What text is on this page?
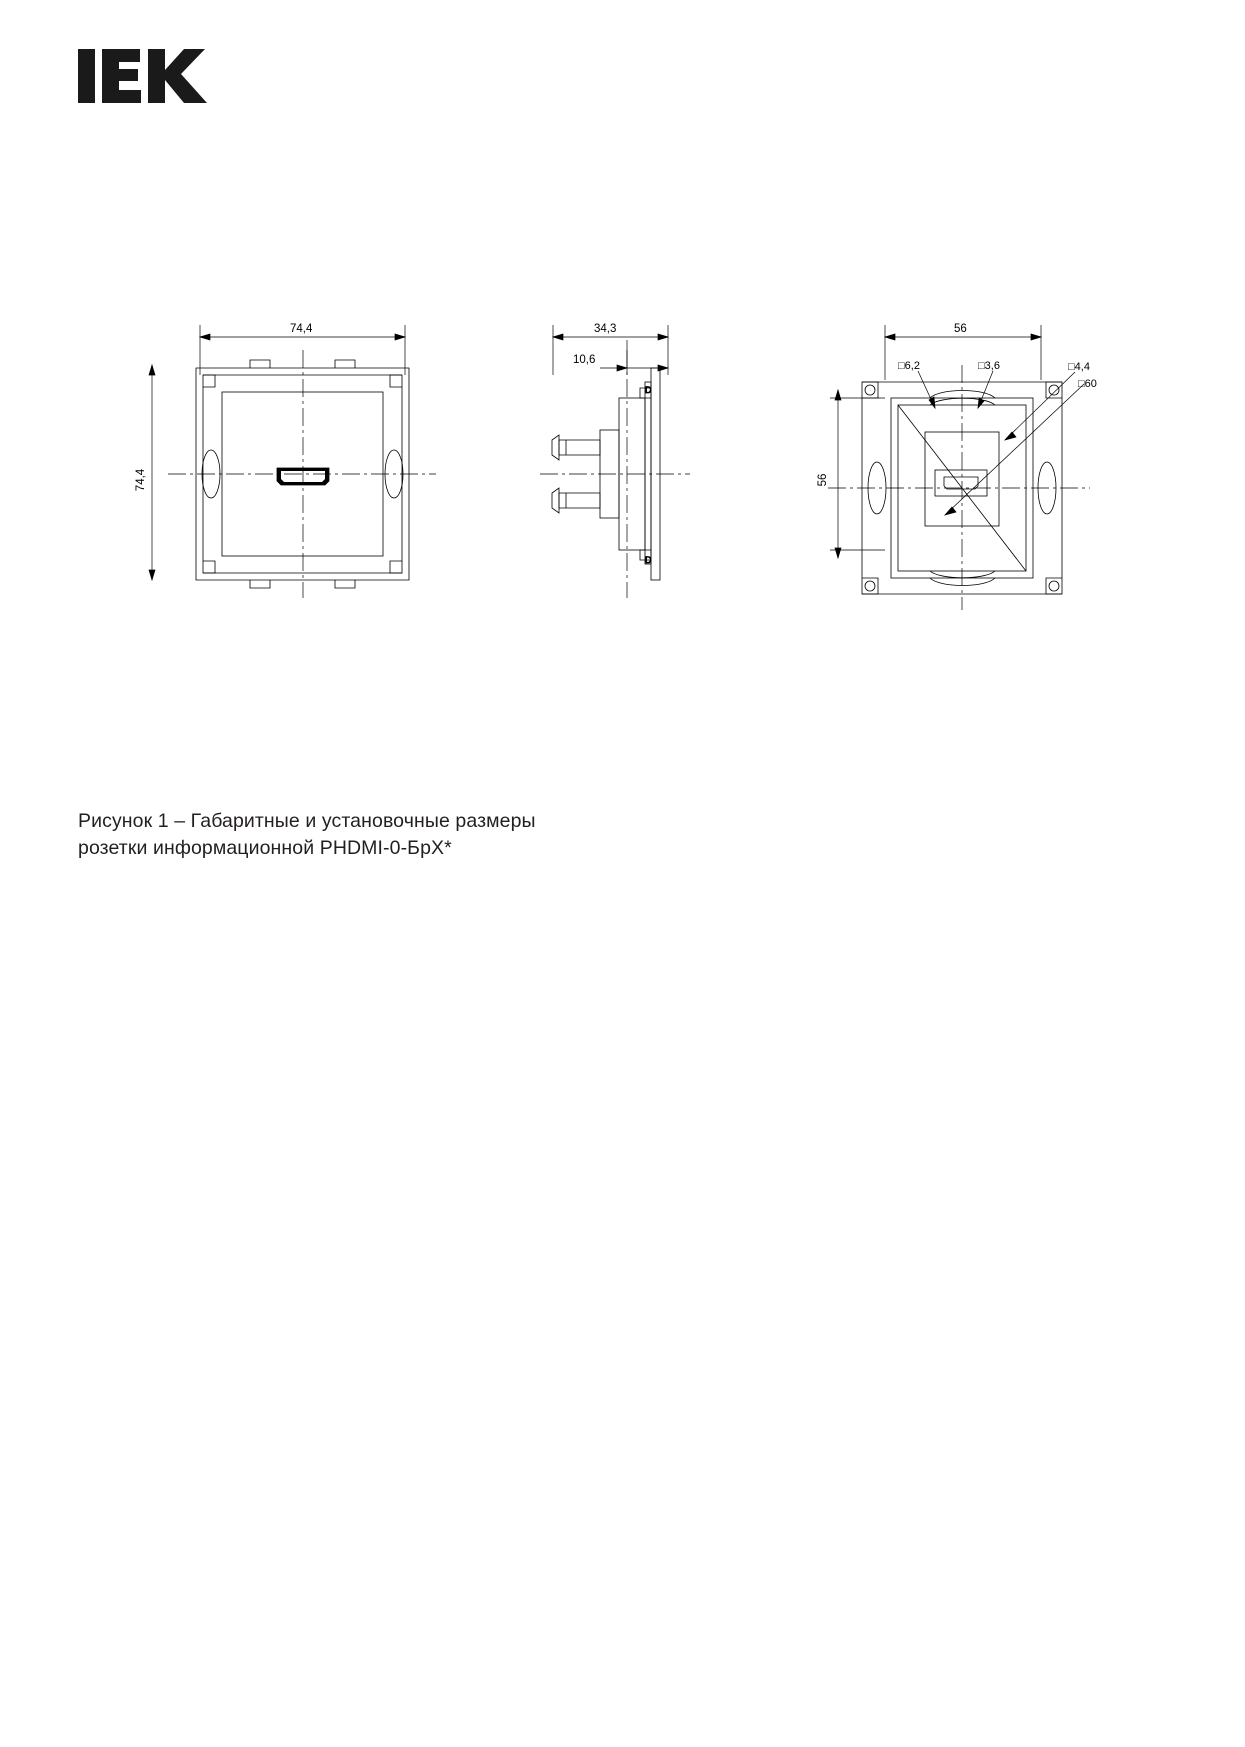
D
D
74,4
74,4
34,3
10,6
56
56
□6,2	□3,6	□4,4
□60
Рисунок 1 – Габаритные и установочные размеры
розетки информационной PHDMI-0-БрX*
